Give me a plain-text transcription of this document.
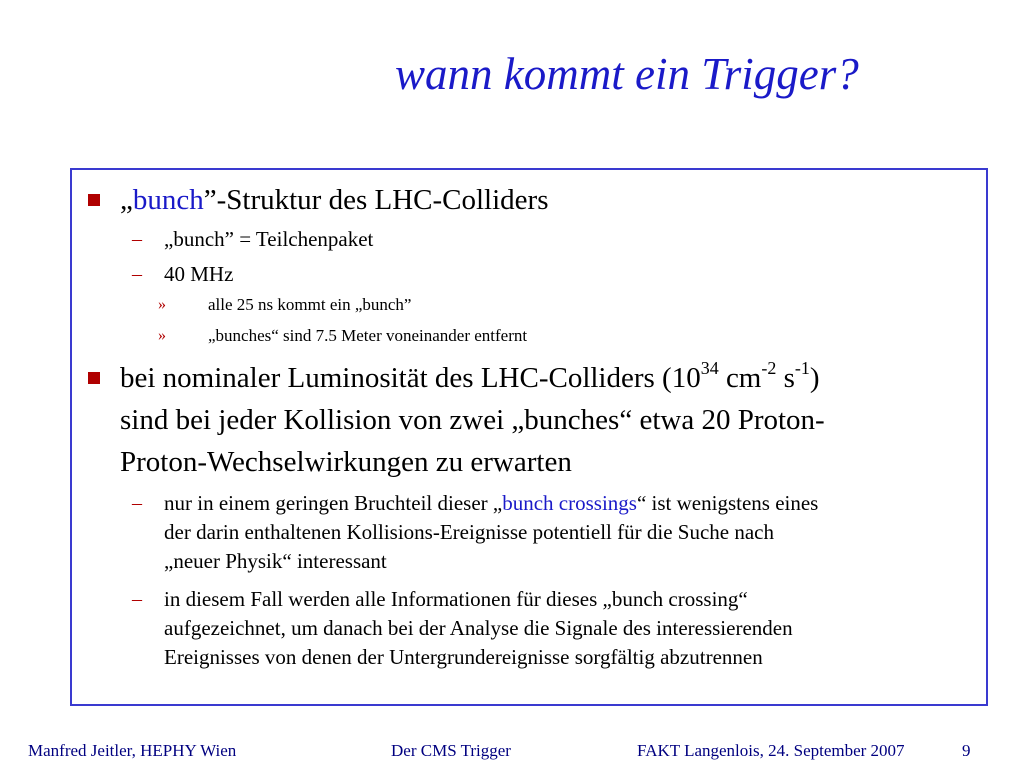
wann kommt ein Trigger?
„bunch”-Struktur des LHC-Colliders
– „bunch” = Teilchenpaket
– 40 MHz
» alle 25 ns kommt ein „bunch”
» „bunches“ sind 7.5 Meter voneinander entfernt
bei nominaler Luminosität des LHC-Colliders ($10^{34}$ $cm^{-2}$ $s^{-1}$)
sind bei jeder Kollision von zwei „bunches“ etwa 20 Proton-
Proton-Wechselwirkungen zu erwarten
– nur in einem geringen Bruchteil dieser „bunch crossings“ ist wenigstens eines
der darin enthaltenen Kollisions-Ereignisse potentiell für die Suche nach
„neuer Physik“ interessant
– in diesem Fall werden alle Informationen für dieses „bunch crossing“
aufgezeichnet, um danach bei der Analyse die Signale des interessierenden
Ereignisses von denen der Untergrundereignisse sorgfältig abzutrennen
Manfred Jeitler, HEPHY Wien	Der CMS Trigger	FAKT Langenlois, 24. September 2007	9
